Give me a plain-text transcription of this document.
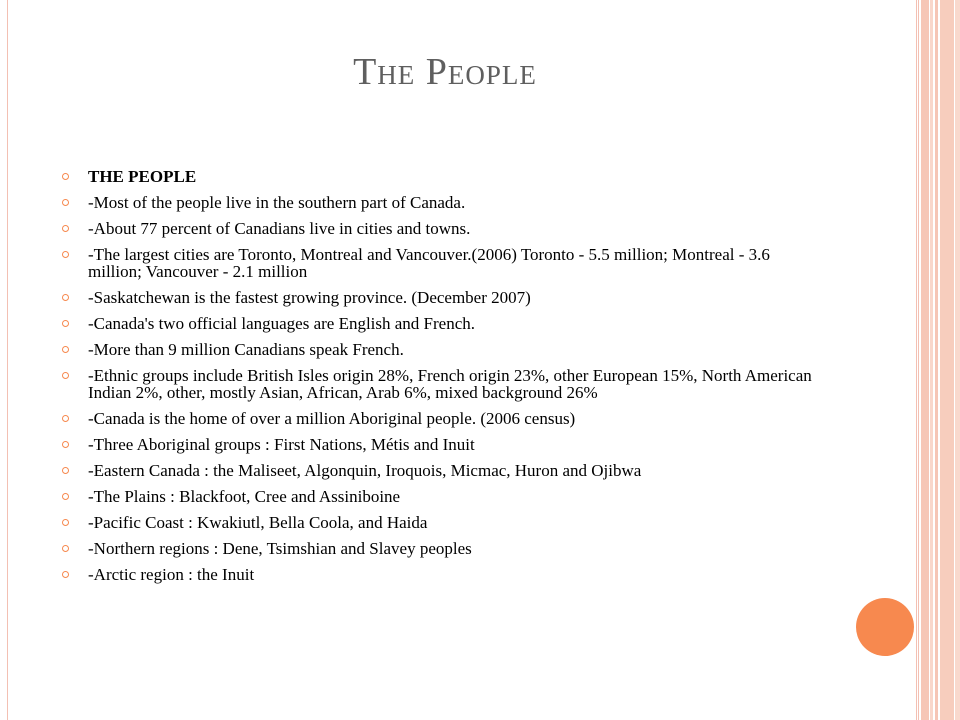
The People
THE PEOPLE
-Most of the people live in the southern part of Canada.
-About 77 percent of Canadians live in cities and towns.
-The largest cities are Toronto, Montreal and Vancouver.(2006) Toronto - 5.5 million; Montreal - 3.6 million; Vancouver - 2.1 million
-Saskatchewan is the fastest growing province. (December 2007)
-Canada's two official languages are English and French.
-More than 9 million Canadians speak French.
-Ethnic groups include British Isles origin 28%, French origin 23%, other European 15%, North American Indian 2%, other, mostly Asian, African, Arab 6%, mixed background 26%
-Canada is the home of over a million Aboriginal people. (2006 census)
-Three Aboriginal groups : First Nations, Métis and Inuit
-Eastern Canada : the Maliseet, Algonquin, Iroquois, Micmac, Huron and Ojibwa
-The Plains : Blackfoot, Cree and Assiniboine
-Pacific Coast : Kwakiutl, Bella Coola, and Haida
-Northern regions : Dene, Tsimshian and Slavey peoples
-Arctic region : the Inuit
